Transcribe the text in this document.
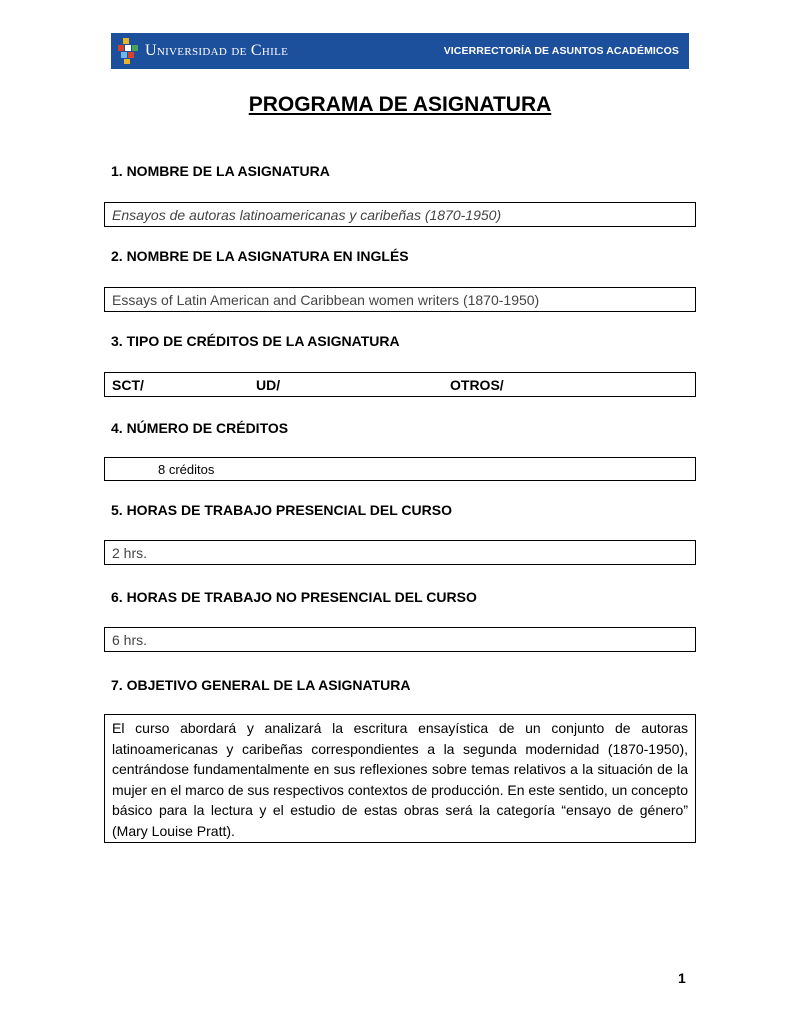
Universidad de Chile	VICERRECTORÍA DE ASUNTOS ACADÉMICOS
PROGRAMA DE ASIGNATURA
1. NOMBRE DE LA ASIGNATURA
Ensayos de autoras latinoamericanas y caribeñas (1870-1950)
2. NOMBRE DE LA ASIGNATURA EN INGLÉS
Essays of Latin American and Caribbean women writers (1870-1950)
3. TIPO DE CRÉDITOS DE LA ASIGNATURA
SCT/	UD/	OTROS/
4. NÚMERO DE CRÉDITOS
8 créditos
5. HORAS DE TRABAJO PRESENCIAL DEL CURSO
2 hrs.
6. HORAS DE TRABAJO NO PRESENCIAL DEL CURSO
6 hrs.
7. OBJETIVO GENERAL DE LA ASIGNATURA
El curso abordará y analizará la escritura ensayística de un conjunto de autoras latinoamericanas y caribeñas correspondientes a la segunda modernidad (1870-1950), centrándose fundamentalmente en sus reflexiones sobre temas relativos a la situación de la mujer en el marco de sus respectivos contextos de producción. En este sentido, un concepto básico para la lectura y el estudio de estas obras será la categoría “ensayo de género” (Mary Louise Pratt).
1
